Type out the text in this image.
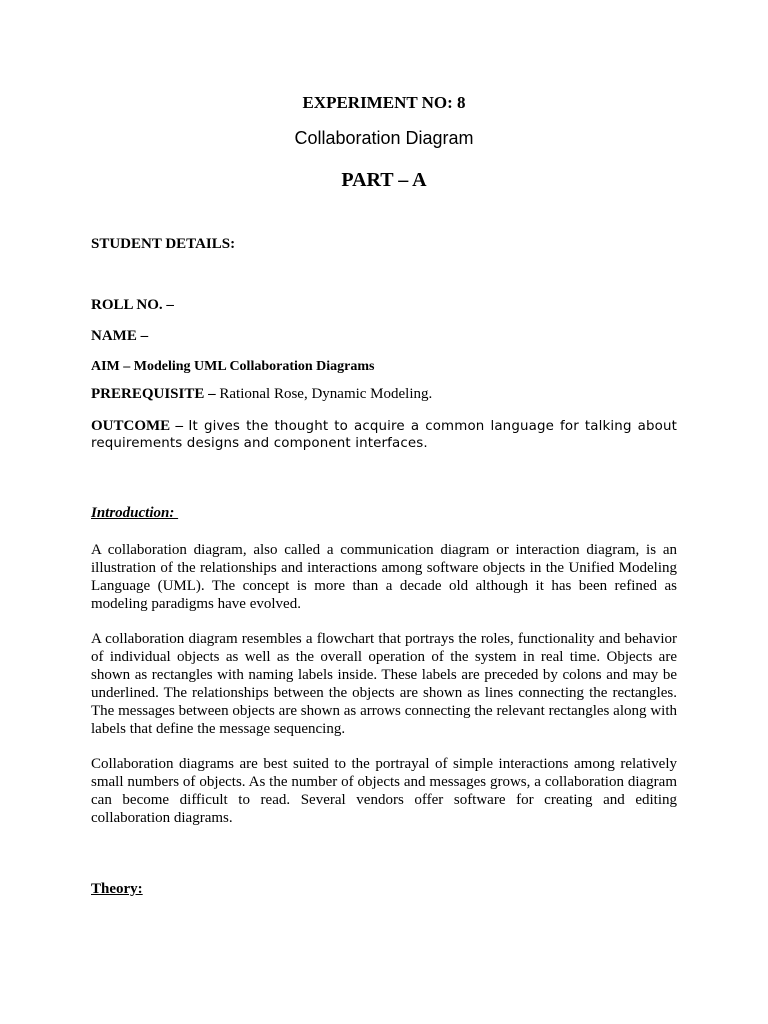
EXPERIMENT NO: 8
Collaboration Diagram
PART – A
STUDENT DETAILS:
ROLL NO. –
NAME –
AIM – Modeling UML Collaboration Diagrams
PREREQUISITE – Rational Rose, Dynamic Modeling.
OUTCOME – It gives the thought to acquire a common language for talking about requirements designs and component interfaces.
Introduction:
A collaboration diagram, also called a communication diagram or interaction diagram, is an illustration of the relationships and interactions among software objects in the Unified Modeling Language (UML). The concept is more than a decade old although it has been refined as modeling paradigms have evolved.
A collaboration diagram resembles a flowchart that portrays the roles, functionality and behavior of individual objects as well as the overall operation of the system in real time. Objects are shown as rectangles with naming labels inside. These labels are preceded by colons and may be underlined. The relationships between the objects are shown as lines connecting the rectangles. The messages between objects are shown as arrows connecting the relevant rectangles along with labels that define the message sequencing.
Collaboration diagrams are best suited to the portrayal of simple interactions among relatively small numbers of objects. As the number of objects and messages grows, a collaboration diagram can become difficult to read. Several vendors offer software for creating and editing collaboration diagrams.
Theory:
